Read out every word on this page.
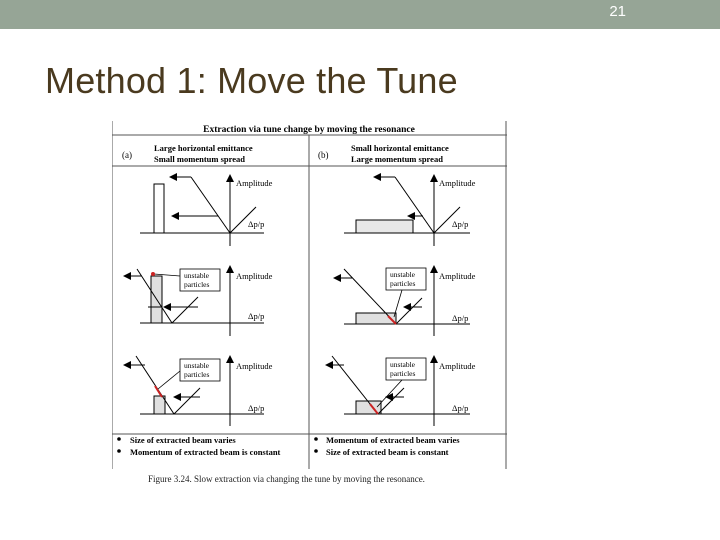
21
Method 1: Move the Tune
Extraction via tune change by moving the resonance
(a)
Large horizontal emittance
Small momentum spread	(b)
Small horizontal emittance
Large momentum spread
Amplitude
Δp/p
unstable
particles
Amplitude
Δp/p
unstable
particles
Amplitude
Δp/p
Amplitude
Δp/p
unstable
particles
Amplitude
Δp/p
unstable
particles
Amplitude
Δp/p
Size of extracted beam varies
Momentum of extracted beam is constant
Momentum of extracted beam varies
Size of extracted beam is constant
Figure 3.24. Slow extraction via changing the tune by moving the resonance.
